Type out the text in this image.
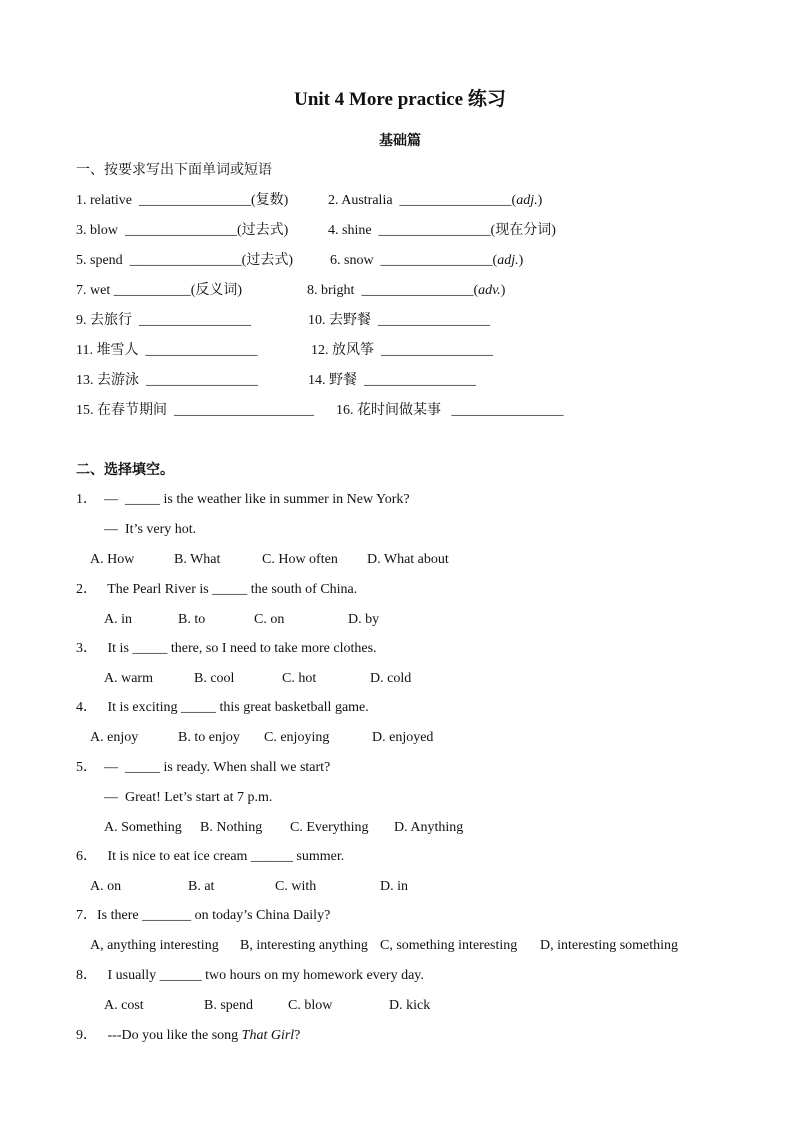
Unit 4 More practice 练习
基础篇
一、按要求写出下面单词或短语
1. relative  ________________(复数)	2. Australia  ________________(adj.)
3. blow  ________________(过去式)	4. shine  ________________(现在分词)
5. spend  ________________(过去式)	6. snow  ________________(adj.)
7. wet ___________(反义词)	8. bright  ________________(adv.)
9. 去旅行  ________________	10. 去野餐  ________________
11. 堆雪人  ________________	12. 放风筝  ________________
13. 去游泳  ________________	14. 野餐  ________________
15. 在春节期间  ____________________ 16. 花时间做某事   ________________
二、选择填空。
1．  —  _____ is the weather like in summer in New York?
—  It’s very hot.
A. How	B. What	C. How often D. What about
2．   The Pearl River is _____ the south of China.
A. in	B. to	C. on	D. by
3．   It is _____ there, so I need to take more clothes.
A. warm	B. cool	C. hot	D. cold
4．   It is exciting _____ this great basketball game.
A. enjoy	B. to enjoy C. enjoying	D. enjoyed
5．  —  _____ is ready. When shall we start?
—  Great! Let’s start at 7 p.m.
A. Something B. Nothing C. Everything D. Anything
6．   It is nice to eat ice cream ______ summer.
A. on	B. at	C. with	D. in
7．Is there _______ on today’s China Daily?
A, anything interesting B, interesting anything C, something interesting D, interesting something
8．   I usually ______ two hours on my homework every day.
A. cost	B. spend	C. blow	D. kick
9．   ---Do you like the song That Girl?
